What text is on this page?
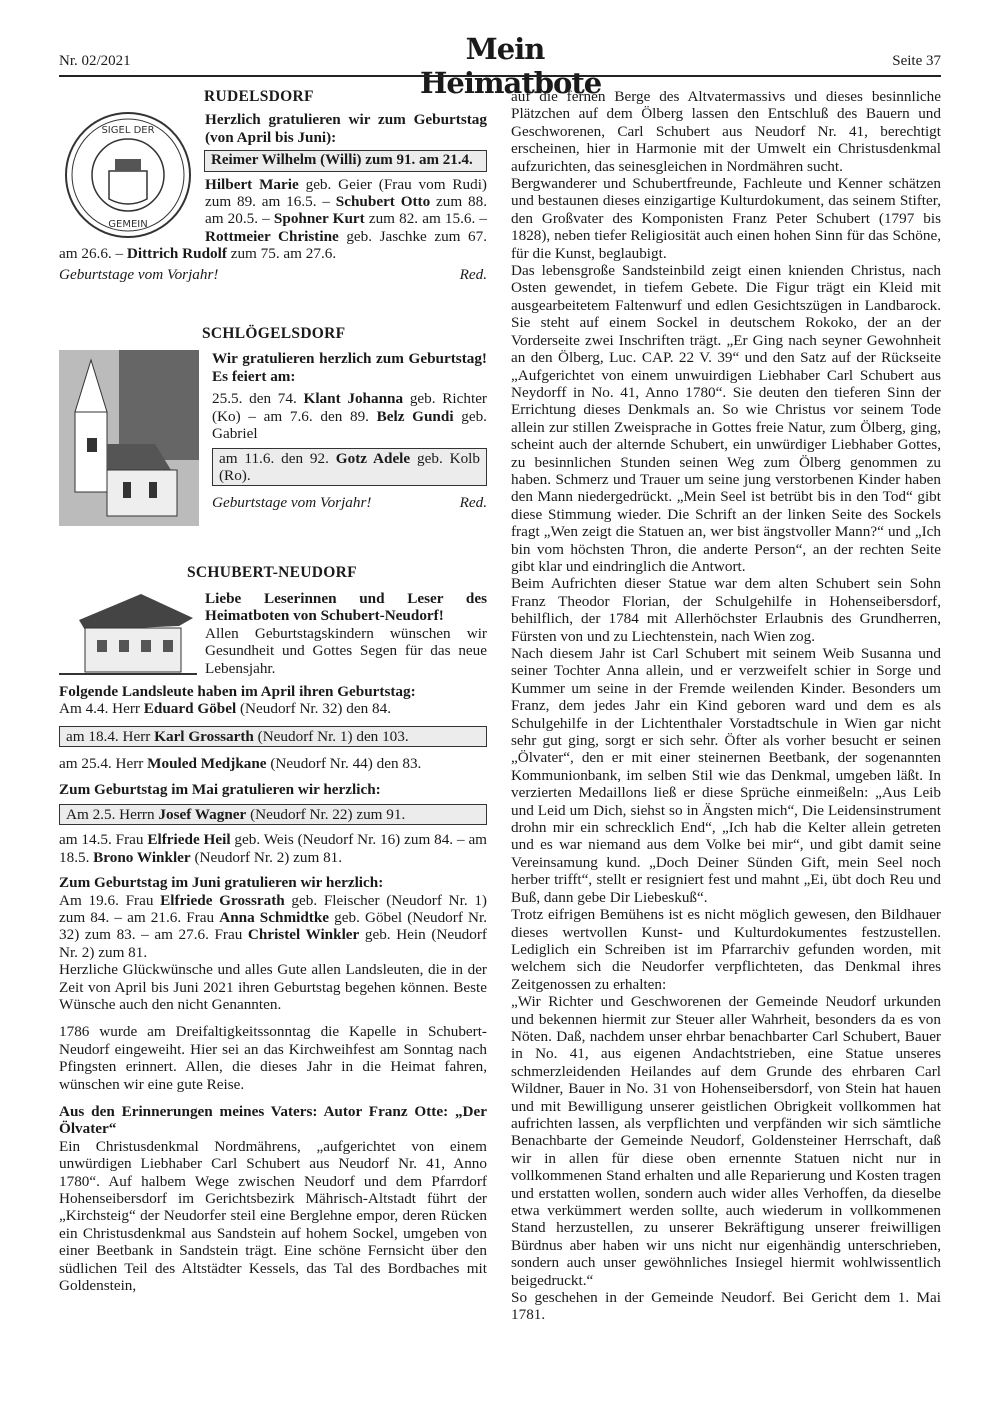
Nr. 02/2021	Mein Heimatbote
Seite 37
RUDELSDORF
SIGEL DER
GEMEIN

Herzlich gratulieren wir zum Geburtstag (von April bis Juni):

Reimer Wilhelm (Willi) zum 91. am 21.4.

Hilbert Marie geb. Geier (Frau vom Rudi) zum 89. am 16.5. – Schubert Otto zum 88. am 20.5. – Spohner Kurt zum 82. am 15.6. – Rottmeier Christine geb. Jaschke zum 67. am 26.6. – Dittrich Rudolf zum 75. am 27.6.

Geburtstage vom Vorjahr!	Red.
SCHLÖGELSDORF

Wir gratulieren herzlich zum Geburtstag! Es feiert am:

25.5. den 74. Klant Johanna geb. Richter (Ko) – am 7.6. den 89. Belz Gundi geb. Gabriel

am 11.6. den 92. Gotz Adele geb. Kolb (Ro).
Geburtstage vom Vorjahr!	Red.
SCHUBERT-NEUDORF

Liebe Leserinnen und Leser des Heimatboten von Schubert-Neudorf!

Allen Geburtstagskindern wünschen wir Gesundheit und Gottes Segen für das neue Lebensjahr.

Folgende Landsleute haben im April ihren Geburtstag:

Am 4.4. Herr Eduard Göbel (Neudorf Nr. 32) den 84.

am 18.4. Herr Karl Grossarth (Neudorf Nr. 1) den 103.

am 25.4. Herr Mouled Medjkane (Neudorf Nr. 44) den 83.

Zum Geburtstag im Mai gratulieren wir herzlich:

Am 2.5. Herrn Josef Wagner (Neudorf Nr. 22) zum 91.

am 14.5. Frau Elfriede Heil geb. Weis (Neudorf Nr. 16) zum 84. – am 18.5. Brono Winkler (Neudorf Nr. 2) zum 81.

Zum Geburtstag im Juni gratulieren wir herzlich:

Am 19.6. Frau Elfriede Grossrath geb. Fleischer (Neudorf Nr. 1) zum 84. – am 21.6. Frau Anna Schmidtke geb. Göbel (Neudorf Nr. 32) zum 83. – am 27.6. Frau Christel Winkler geb. Hein (Neudorf Nr. 2) zum 81.

Herzliche Glückwünsche und alles Gute allen Landsleuten, die in der Zeit von April bis Juni 2021 ihren Geburtstag begehen können. Beste Wünsche auch den nicht Genannten.

1786 wurde am Dreifaltigkeitssonntag die Kapelle in Schubert-Neudorf eingeweiht. Hier sei an das Kirchweihfest am Sonntag nach Pfingsten erinnert. Allen, die dieses Jahr in die Heimat fahren, wünschen wir eine gute Reise.

Aus den Erinnerungen meines Vaters: Autor Franz Otte: „Der Ölvater“

Ein Christusdenkmal Nordmährens, „aufgerichtet von einem unwürdigen Liebhaber Carl Schubert aus Neudorf Nr. 41, Anno 1780“. Auf halbem Wege zwischen Neudorf und dem Pfarrdorf Hohenseibersdorf im Gerichtsbezirk Mährisch-Altstadt führt der „Kirchsteig“ der Neudorfer steil eine Berglehne empor, deren Rücken ein Christusdenkmal aus Sandstein auf hohem Sockel, umgeben von einer Beetbank in Sandstein trägt. Eine schöne Fernsicht über den südlichen Teil des Altstädter Kessels, das Tal des Bordbaches mit Goldenstein,

auf die fernen Berge des Altvatermassivs und dieses besinnliche Plätzchen auf dem Ölberg lassen den Entschluß des Bauern und Geschworenen, Carl Schubert aus Neudorf Nr. 41, berechtigt erscheinen, hier in Harmonie mit der Umwelt ein Christusdenkmal aufzurichten, das seinesgleichen in Nordmähren sucht.

Bergwanderer und Schubertfreunde, Fachleute und Kenner schätzen und bestaunen dieses einzigartige Kulturdokument, das seinem Stifter, den Großvater des Komponisten Franz Peter Schubert (1797 bis 1828), neben tiefer Religiosität auch einen hohen Sinn für das Schöne, für die Kunst, beglaubigt.

Das lebensgroße Sandsteinbild zeigt einen knienden Christus, nach Osten gewendet, in tiefem Gebete. Die Figur trägt ein Kleid mit ausgearbeitetem Faltenwurf und edlen Gesichtszügen in Landbarock. Sie steht auf einem Sockel in deutschem Rokoko, der an der Vorderseite zwei Inschriften trägt. „Er Ging nach seyner Gewohnheit an den Ölberg, Luc. CAP. 22 V. 39“ und den Satz auf der Rückseite „Aufgerichtet von einem unwuirdigen Liebhaber Carl Schubert aus Neydorff in No. 41, Anno 1780“. Sie deuten den tieferen Sinn der Errichtung dieses Denkmals an. So wie Christus vor seinem Tode allein zur stillen Zweisprache in Gottes freie Natur, zum Ölberg, ging, scheint auch der alternde Schubert, ein unwürdiger Liebhaber Gottes, zu besinnlichen Stunden seinen Weg zum Ölberg genommen zu haben. Schmerz und Trauer um seine jung verstorbenen Kinder haben den Mann niedergedrückt. „Mein Seel ist betrübt bis in den Tod“ gibt diese Stimmung wieder. Die Schrift an der linken Seite des Sockels fragt „Wen zeigt die Statuen an, wer bist ängstvoller Mann?“ und „Ich bin vom höchsten Thron, die anderte Person“, an der rechten Seite gibt klar und eindringlich die Antwort.

Beim Aufrichten dieser Statue war dem alten Schubert sein Sohn Franz Theodor Florian, der Schulgehilfe in Hohenseibersdorf, behilflich, der 1784 mit Allerhöchster Erlaubnis des Grundherren, Fürsten von und zu Liechtenstein, nach Wien zog.

Nach diesem Jahr ist Carl Schubert mit seinem Weib Susanna und seiner Tochter Anna allein, und er verzweifelt schier in Sorge und Kummer um seine in der Fremde weilenden Kinder. Besonders um Franz, dem jedes Jahr ein Kind geboren ward und dem es als Schulgehilfe in der Lichtenthaler Vorstadtschule in Wien gar nicht sehr gut ging, sorgt er sich sehr. Öfter als vorher besucht er seinen „Ölvater“, den er mit einer steinernen Beetbank, der sogenannten Kommunionbank, im selben Stil wie das Denkmal, umgeben läßt. In verzierten Medaillons ließ er diese Sprüche einmeißeln: „Aus Leib und Leid um Dich, siehst so in Ängsten mich“, Die Leidensinstrument drohn mir ein schrecklich End“, „Ich hab die Kelter allein getreten und es war niemand aus dem Volke bei mir“, und gibt damit seine Vereinsamung kund. „Doch Deiner Sünden Gift, mein Seel noch herber trifft“, stellt er resigniert fest und mahnt „Ei, übt doch Reu und Buß, dann gebe Dir Liebeskuß“.

Trotz eifrigen Bemühens ist es nicht möglich gewesen, den Bildhauer dieses wertvollen Kunst- und Kulturdokumentes festzustellen. Lediglich ein Schreiben ist im Pfarrarchiv gefunden worden, mit welchem sich die Neudorfer verpflichteten, das Denkmal ihres Zeitgenossen zu erhalten:

„Wir Richter und Geschworenen der Gemeinde Neudorf urkunden und bekennen hiermit zur Steuer aller Wahrheit, besonders da es von Nöten. Daß, nachdem unser ehrbar benachbarter Carl Schubert, Bauer in No. 41, aus eigenen Andachtstrieben, eine Statue unseres schmerzleidenden Heilandes auf dem Grunde des ehrbaren Carl Wildner, Bauer in No. 31 von Hohenseibersdorf, von Stein hat hauen und mit Bewilligung unserer geistlichen Obrigkeit vollkommen hat aufrichten lassen, als verpflichten und verpfänden wir sich sämtliche Benachbarte der Gemeinde Neudorf, Goldensteiner Herrschaft, daß wir in allen für diese oben ernennte Statuen nicht nur in vollkommenen Stand erhalten und alle Reparierung und Kosten tragen und erstatten wollen, sondern auch wider alles Verhoffen, da dieselbe etwa verkümmert werden sollte, auch wiederum in vollkommenen Stand herzustellen, zu unserer Bekräftigung unserer freiwilligen Bürdnus aber haben wir uns nicht nur eigenhändig unterschrieben, sondern auch unser gewöhnliches Insiegel hiermit wohlwissentlich beigedruckt.“

So geschehen in der Gemeinde Neudorf. Bei Gericht dem 1. Mai 1781.
